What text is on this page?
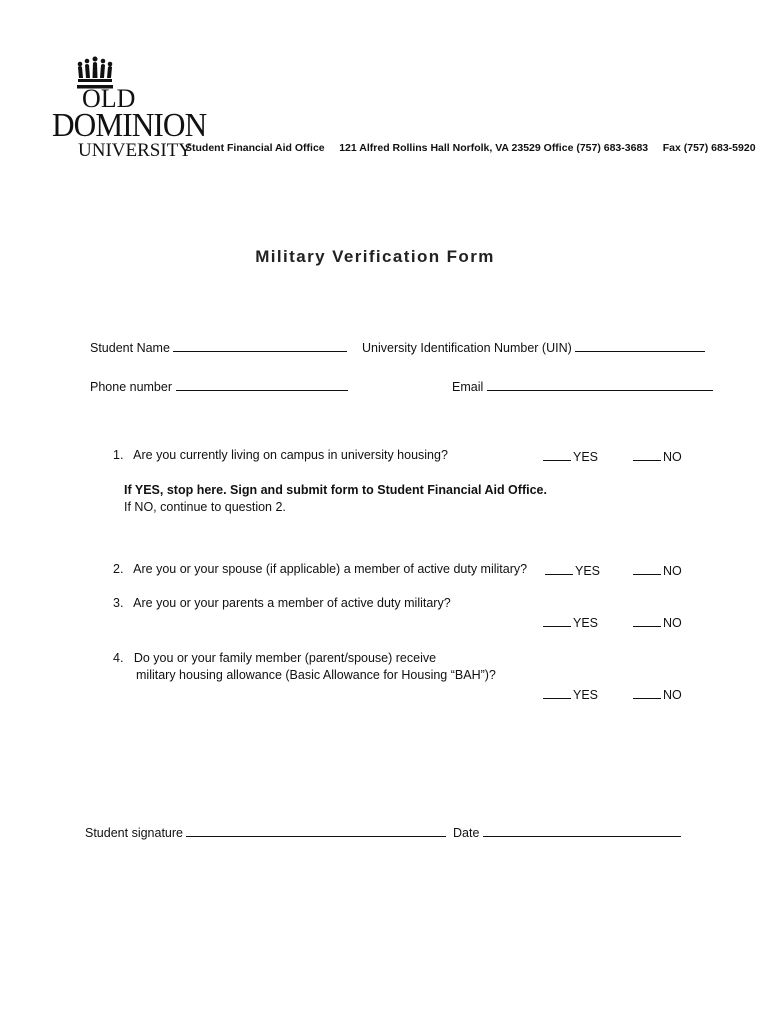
OLD
DOMINION
UNIVERSITY
Student Financial Aid Office 121 Alfred Rollins Hall Norfolk, VA 23529 Office (757) 683-3683 Fax (757) 683-5920
Military Verification Form
Student Name	University Identification Number (UIN)
Phone number	Email
1. Are you currently living on campus in university housing?	YES	NO
If YES, stop here. Sign and submit form to Student Financial Aid Office.
If NO, continue to question 2.
2. Are you or your spouse (if applicable) a member of active duty military?	YES	NO
3. Are you or your parents a member of active duty military?
YES	NO
4. Do you or your family member (parent/spouse) receive
military housing allowance (Basic Allowance for Housing “BAH”)?
YES	NO
Student signature	Date
